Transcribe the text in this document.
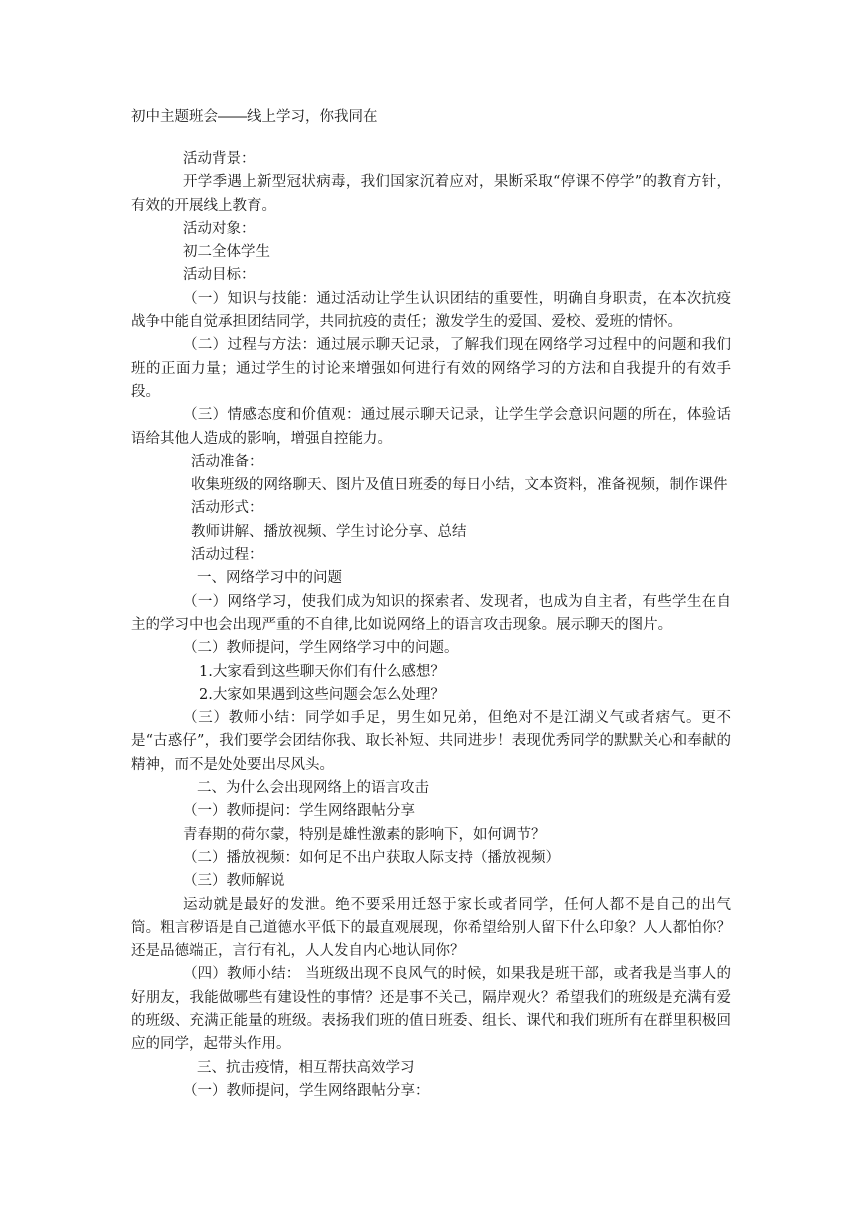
初中主题班会――线上学习，你我同在

活动背景：

开学季遇上新型冠状病毒，我们国家沉着应对，果断采取“停课不停学”的教育方针，有效的开展线上教育。

活动对象：

初二全体学生

活动目标：

（一）知识与技能：通过活动让学生认识团结的重要性，明确自身职责，在本次抗疫战争中能自觉承担团结同学，共同抗疫的责任；激发学生的爱国、爱校、爱班的情怀。

（二）过程与方法：通过展示聊天记录，了解我们现在网络学习过程中的问题和我们班的正面力量；通过学生的讨论来增强如何进行有效的网络学习的方法和自我提升的有效手段。

（三）情感态度和价值观：通过展示聊天记录，让学生学会意识问题的所在，体验话语给其他人造成的影响，增强自控能力。

活动准备：

收集班级的网络聊天、图片及值日班委的每日小结，文本资料，准备视频，制作课件

活动形式：

教师讲解、播放视频、学生讨论分享、总结

活动过程：

一、网络学习中的问题

（一）网络学习，使我们成为知识的探索者、发现者，也成为自主者，有些学生在自主的学习中也会出现严重的不自律,比如说网络上的语言攻击现象。展示聊天的图片。

（二）教师提问，学生网络学习中的问题。

1.大家看到这些聊天你们有什么感想？

2.大家如果遇到这些问题会怎么处理？

（三）教师小结：同学如手足，男生如兄弟，但绝对不是江湖义气或者痞气。更不是“古惑仔”，我们要学会团结你我、取长补短、共同进步！表现优秀同学的默默关心和奉献的精神，而不是处处要出尽风头。

二、为什么会出现网络上的语言攻击

（一）教师提问：学生网络跟帖分享

青春期的荷尔蒙，特别是雄性激素的影响下，如何调节？

（二）播放视频：如何足不出户获取人际支持（播放视频）

（三）教师解说

运动就是最好的发泄。绝不要采用迁怒于家长或者同学，任何人都不是自己的出气筒。粗言秽语是自己道德水平低下的最直观展现，你希望给别人留下什么印象？人人都怕你？还是品德端正，言行有礼，人人发自内心地认同你？

（四）教师小结： 当班级出现不良风气的时候，如果我是班干部，或者我是当事人的好朋友，我能做哪些有建设性的事情？还是事不关己，隔岸观火？希望我们的班级是充满有爱的班级、充满正能量的班级。表扬我们班的值日班委、组长、课代和我们班所有在群里积极回应的同学，起带头作用。

三、抗击疫情，相互帮扶高效学习

（一）教师提问，学生网络跟帖分享：
